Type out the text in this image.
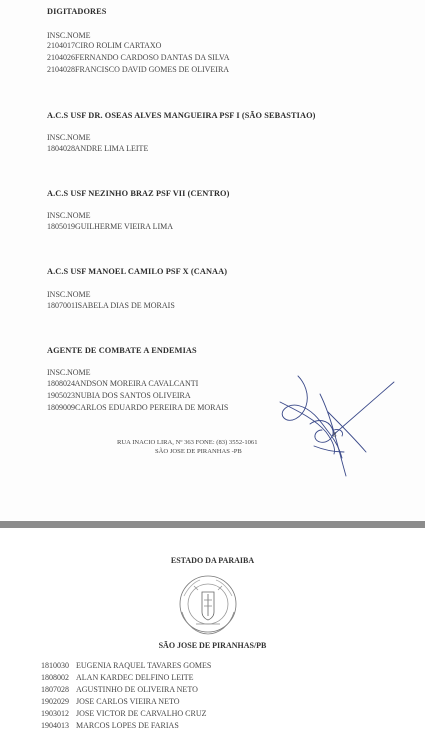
DIGITADORES
INSC. NOME
2104017 CIRO ROLIM CARTAXO
2104026 FERNANDO CARDOSO DANTAS DA SILVA
2104028 FRANCISCO DAVID GOMES DE OLIVEIRA
A.C.S USF DR. OSEAS ALVES MANGUEIRA PSF I (SÃO SEBASTIAO)
INSC. NOME
1804028 ANDRE LIMA LEITE
A.C.S USF NEZINHO BRAZ PSF VII (CENTRO)
INSC. NOME
1805019 GUILHERME VIEIRA LIMA
A.C.S USF MANOEL CAMILO PSF X (CANAA)
INSC. NOME
1807001 ISABELA DIAS DE MORAIS
AGENTE DE COMBATE A ENDEMIAS
INSC. NOME
1808024 ANDSON MOREIRA CAVALCANTI
1905023 NUBIA DOS SANTOS OLIVEIRA
1809009 CARLOS EDUARDO PEREIRA DE MORAIS
8
RUA INACIO LIRA, Nº 363 FONE: (83) 3552-1061
SÃO JOSE DE PIRANHAS -PB
ESTADO DA PARAIBA
SÃO JOSE DE PIRANHAS/PB
1810030 EUGENIA RAQUEL TAVARES GOMES
1808002 ALAN KARDEC DELFINO LEITE
1807028 AGUSTINHO DE OLIVEIRA NETO
1902029 JOSE CARLOS VIEIRA NETO
1903012 JOSE VICTOR DE CARVALHO CRUZ
1904013 MARCOS LOPES DE FARIAS
